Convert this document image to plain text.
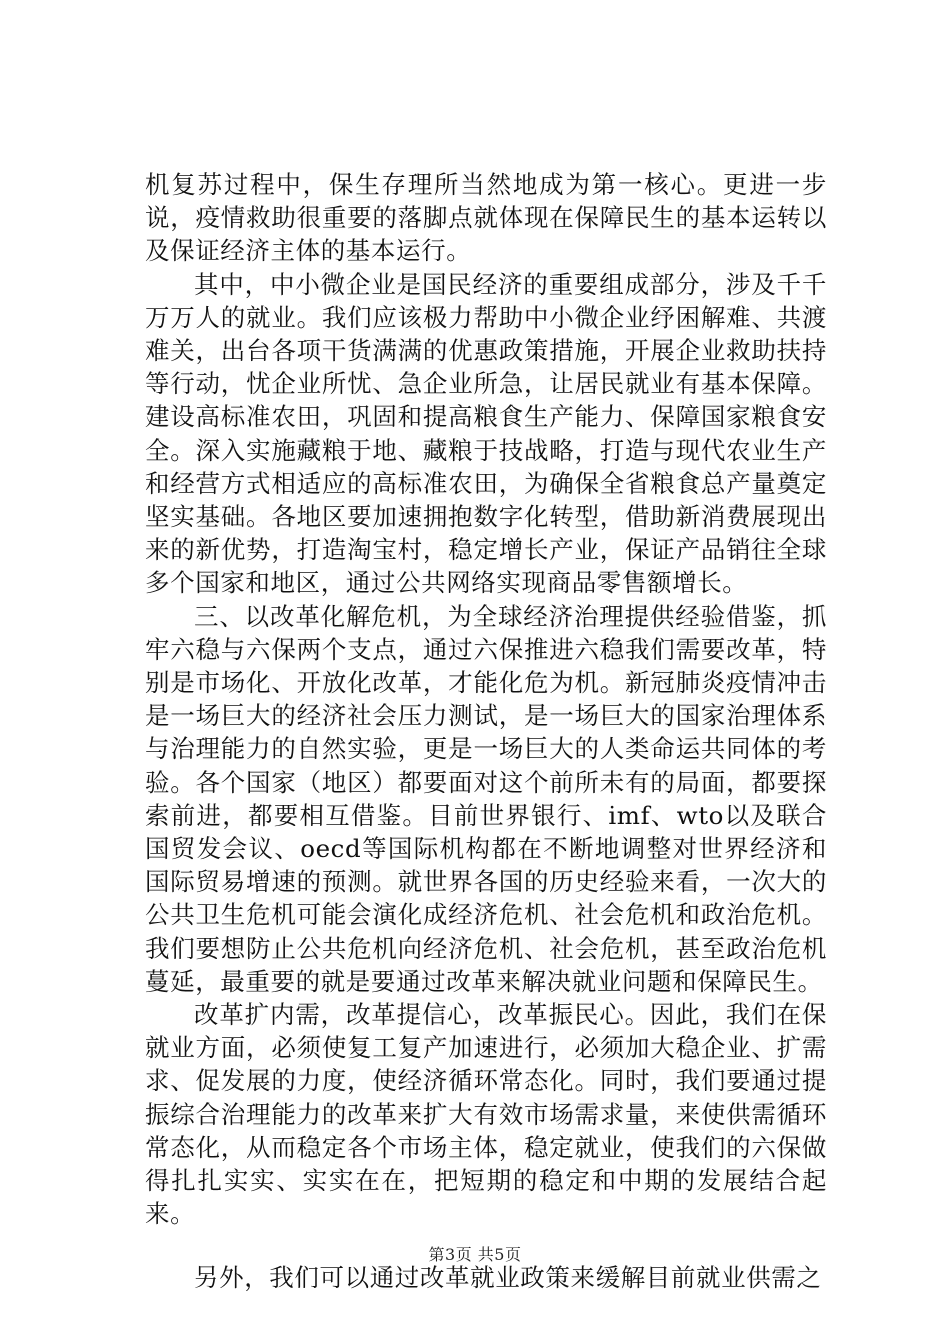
机复苏过程中，保生存理所当然地成为第一核心。更进一步说，疫情救助很重要的落脚点就体现在保障民生的基本运转以及保证经济主体的基本运行。

其中，中小微企业是国民经济的重要组成部分，涉及千千万万人的就业。我们应该极力帮助中小微企业纾困解难、共渡难关，出台各项干货满满的优惠政策措施，开展企业救助扶持等行动，忧企业所忧、急企业所急，让居民就业有基本保障。建设高标准农田，巩固和提高粮食生产能力、保障国家粮食安全。深入实施藏粮于地、藏粮于技战略，打造与现代农业生产和经营方式相适应的高标准农田，为确保全省粮食总产量奠定坚实基础。各地区要加速拥抱数字化转型，借助新消费展现出来的新优势，打造淘宝村，稳定增长产业，保证产品销往全球多个国家和地区，通过公共网络实现商品零售额增长。

三、以改革化解危机，为全球经济治理提供经验借鉴，抓牢六稳与六保两个支点，通过六保推进六稳我们需要改革，特别是市场化、开放化改革，才能化危为机。新冠肺炎疫情冲击是一场巨大的经济社会压力测试，是一场巨大的国家治理体系与治理能力的自然实验，更是一场巨大的人类命运共同体的考验。各个国家（地区）都要面对这个前所未有的局面，都要探索前进，都要相互借鉴。目前世界银行、imf、wto以及联合国贸发会议、oecd等国际机构都在不断地调整对世界经济和国际贸易增速的预测。就世界各国的历史经验来看，一次大的公共卫生危机可能会演化成经济危机、社会危机和政治危机。我们要想防止公共危机向经济危机、社会危机，甚至政治危机蔓延，最重要的就是要通过改革来解决就业问题和保障民生。

改革扩内需，改革提信心，改革振民心。因此，我们在保就业方面，必须使复工复产加速进行，必须加大稳企业、扩需求、促发展的力度，使经济循环常态化。同时，我们要通过提振综合治理能力的改革来扩大有效市场需求量，来使供需循环常态化，从而稳定各个市场主体，稳定就业，使我们的六保做得扎扎实实、实实在在，把短期的稳定和中期的发展结合起来。

另外，我们可以通过改革就业政策来缓解目前就业供需之

第3页 共5页
